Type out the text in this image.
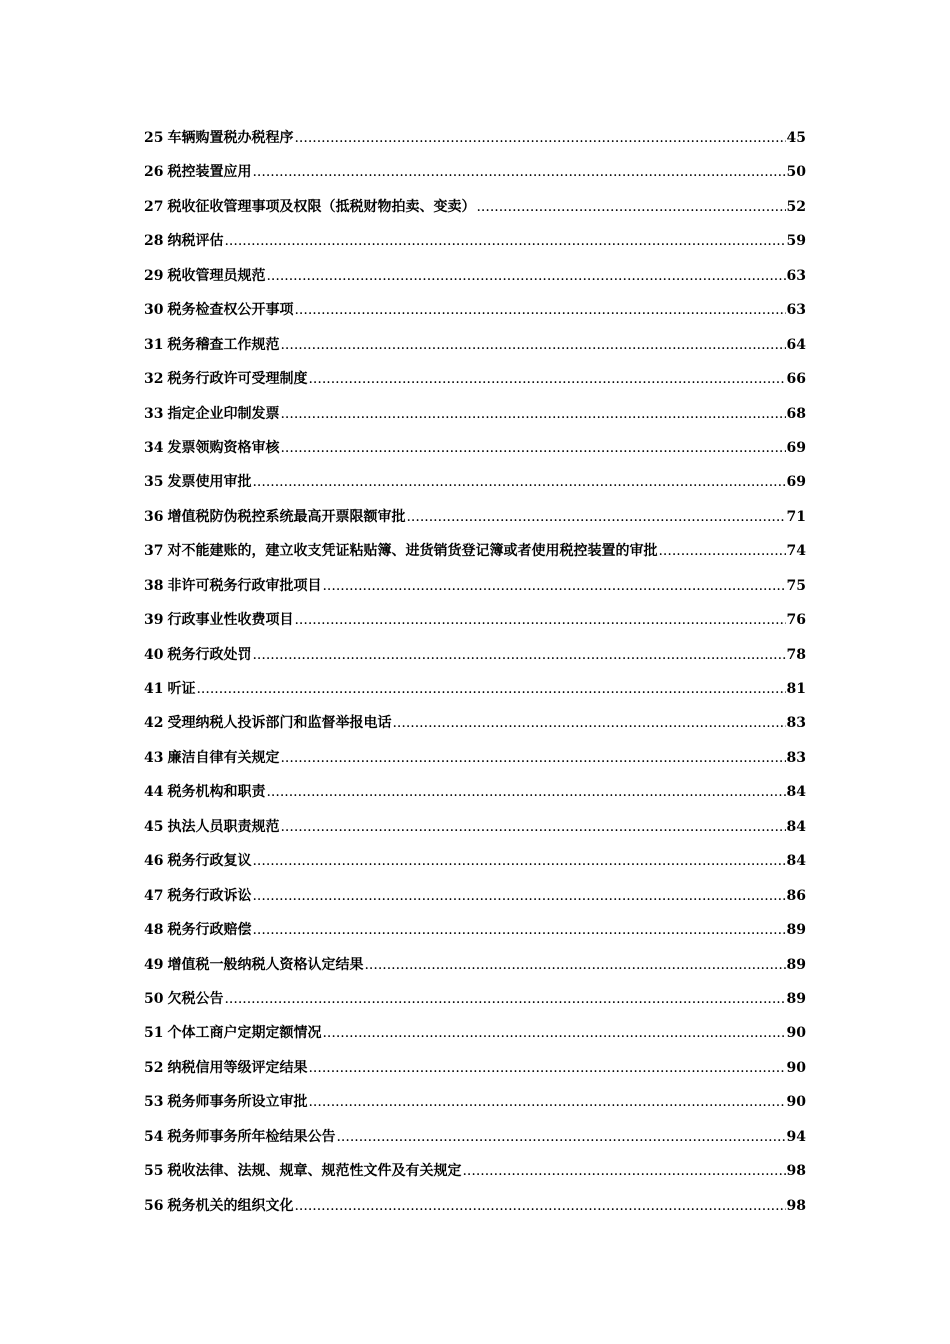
25 车辆购置税办税程序 .....	45
26 税控装置应用 .....	50
27 税收征收管理事项及权限（抵税财物拍卖、变卖） .....	52
28 纳税评估 .....	59
29 税收管理员规范 .....	63
30 税务检查权公开事项 .....	63
31 税务稽查工作规范 .....	64
32 税务行政许可受理制度 .....	66
33 指定企业印制发票 .....	68
34 发票领购资格审核 .....	69
35 发票使用审批 .....	69
36 增值税防伪税控系统最高开票限额审批 .....	71
37 对不能建账的，建立收支凭证粘贴簿、进货销货登记簿或者使用税控装置的审批 .....	74
38 非许可税务行政审批项目 .....	75
39 行政事业性收费项目 .....	76
40 税务行政处罚 .....	78
41 听证 .....	81
42 受理纳税人投诉部门和监督举报电话 .....	83
43 廉洁自律有关规定 .....	83
44 税务机构和职责 .....	84
45 执法人员职责规范 .....	84
46 税务行政复议 .....	84
47 税务行政诉讼 .....	86
48 税务行政赔偿 .....	89
49 增值税一般纳税人资格认定结果 .....	89
50 欠税公告 .....	89
51 个体工商户定期定额情况 .....	90
52 纳税信用等级评定结果 .....	90
53 税务师事务所设立审批 .....	90
54 税务师事务所年检结果公告 .....	94
55 税收法律、法规、规章、规范性文件及有关规定 .....	98
56 税务机关的组织文化 .....	98
